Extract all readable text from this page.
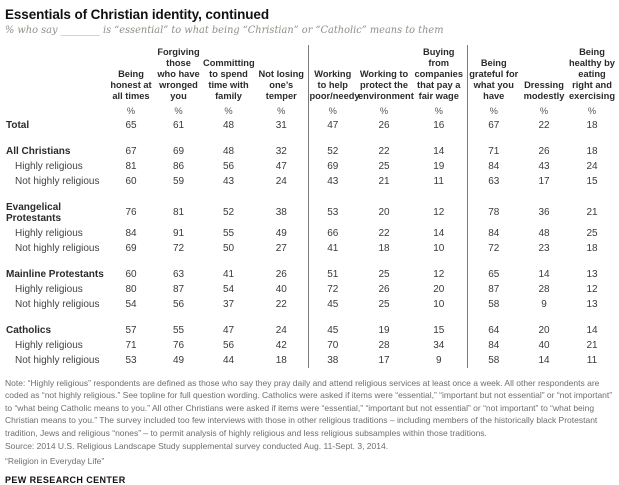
Essentials of Christian identity, continued
% who say ________ is “essential” to what being “Christian” or “Catholic” means to them
	Being honest at all times	Forgiving those who have wronged you	Committing to spend time with family	Not losing one’s temper	Working to help poor/needy	Working to protect the environment	Buying from companies that pay a fair wage	Being grateful for what you have	Dressing modestly	Being healthy by eating right and exercising
	%	%	%	%	%	%	%	%	%	%
Total	65	61	48	31	47	26	16	67	22	18
All Christians	67	69	48	32	52	22	14	71	26	18
Highly religious	81	86	56	47	69	25	19	84	43	24
Not highly religious	60	59	43	24	43	21	11	63	17	15
Evangelical Protestants	76	81	52	38	53	20	12	78	36	21
Highly religious	84	91	55	49	66	22	14	84	48	25
Not highly religious	69	72	50	27	41	18	10	72	23	18
Mainline Protestants	60	63	41	26	51	25	12	65	14	13
Highly religious	80	87	54	40	72	26	20	87	28	12
Not highly religious	54	56	37	22	45	25	10	58	9	13
Catholics	57	55	47	24	45	19	15	64	20	14
Highly religious	71	76	56	42	70	28	34	84	40	21
Not highly religious	53	49	44	18	38	17	9	58	14	11
Note: “Highly religious” respondents are defined as those who say they pray daily and attend religious services at least once a week. All other respondents are coded as “not highly religious.” See topline for full question wording. Catholics were asked if items were “essential,” “important but not essential” or “not important” to “what being Catholic means to you.” All other Christians were asked if items were “essential,” “important but not essential” or “not important” to “what being Christian means to you.” The survey included too few interviews with those in other religious traditions – including members of the historically black Protestant tradition, Jews and religious “nones” – to permit analysis of highly religious and less religious subsamples within those traditions.
Source: 2014 U.S. Religious Landscape Study supplemental survey conducted Aug. 11-Sept. 3, 2014.
“Religion in Everyday Life”
PEW RESEARCH CENTER
